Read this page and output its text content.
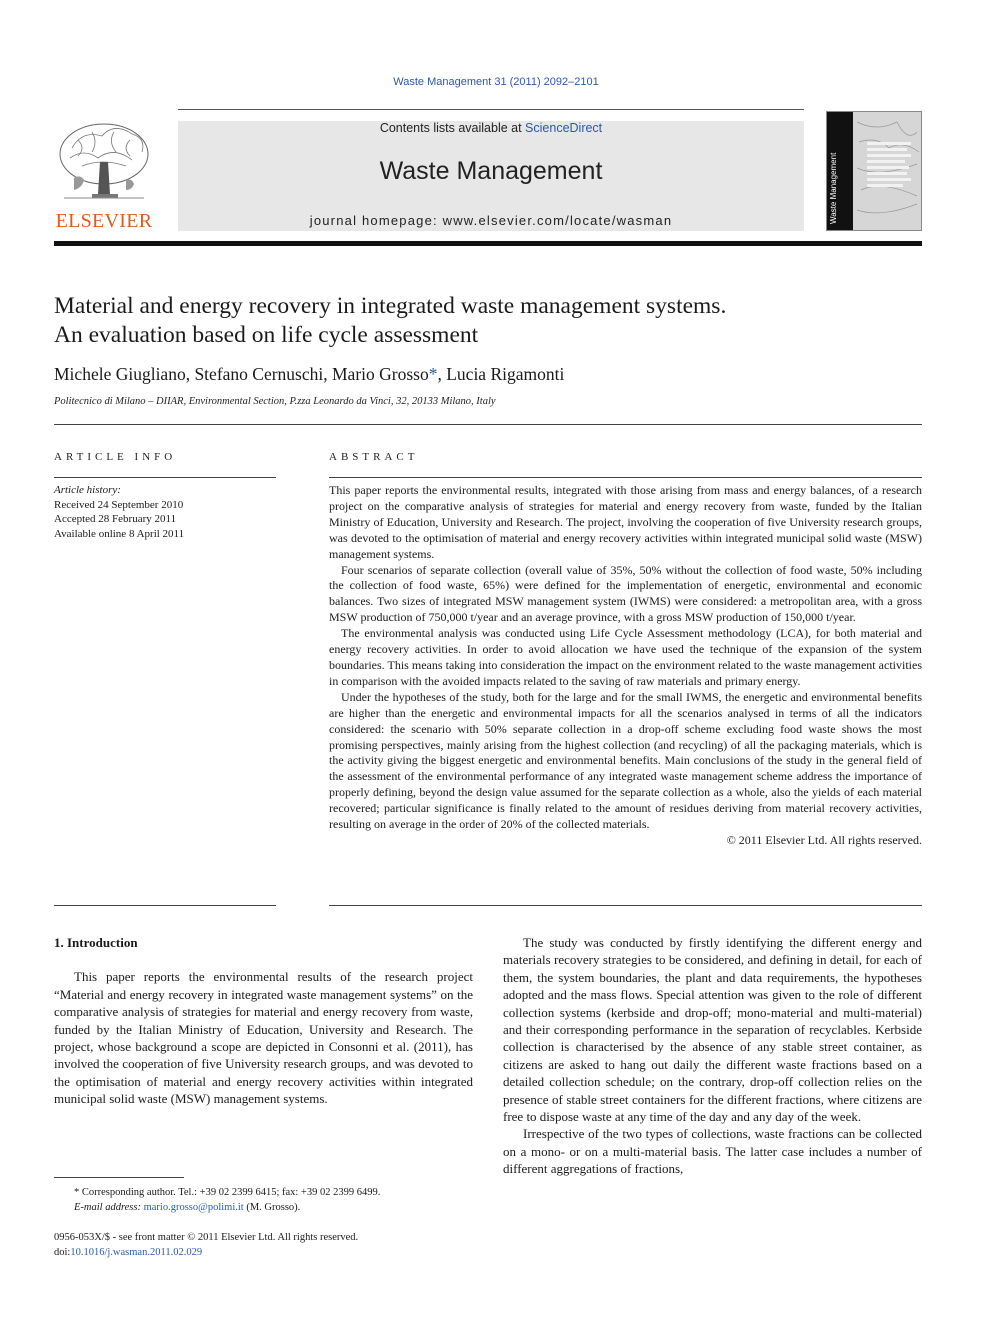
Waste Management 31 (2011) 2092–2101
ELSEVIER
Contents lists available at ScienceDirect
Waste Management
journal homepage: www.elsevier.com/locate/wasman	Waste Management
Material and energy recovery in integrated waste management systems.
An evaluation based on life cycle assessment
Michele Giugliano, Stefano Cernuschi, Mario Grosso*, Lucia Rigamonti
Politecnico di Milano – DIIAR, Environmental Section, P.zza Leonardo da Vinci, 32, 20133 Milano, Italy
ARTICLE INFO	ABSTRACT
Article history:
Received 24 September 2010
Accepted 28 February 2011
Available online 8 April 2011

This paper reports the environmental results, integrated with those arising from mass and energy balances, of a research project on the comparative analysis of strategies for material and energy recovery from waste, funded by the Italian Ministry of Education, University and Research. The project, involving the cooperation of five University research groups, was devoted to the optimisation of material and energy recovery activities within integrated municipal solid waste (MSW) management systems.

Four scenarios of separate collection (overall value of 35%, 50% without the collection of food waste, 50% including the collection of food waste, 65%) were defined for the implementation of energetic, environmental and economic balances. Two sizes of integrated MSW management system (IWMS) were considered: a metropolitan area, with a gross MSW production of 750,000 t/year and an average province, with a gross MSW production of 150,000 t/year.

The environmental analysis was conducted using Life Cycle Assessment methodology (LCA), for both material and energy recovery activities. In order to avoid allocation we have used the technique of the expansion of the system boundaries. This means taking into consideration the impact on the environment related to the waste management activities in comparison with the avoided impacts related to the saving of raw materials and primary energy.

Under the hypotheses of the study, both for the large and for the small IWMS, the energetic and environmental benefits are higher than the energetic and environmental impacts for all the scenarios analysed in terms of all the indicators considered: the scenario with 50% separate collection in a drop-off scheme excluding food waste shows the most promising perspectives, mainly arising from the highest collection (and recycling) of all the packaging materials, which is the activity giving the biggest energetic and environmental benefits. Main conclusions of the study in the general field of the assessment of the environmental performance of any integrated waste management scheme address the importance of properly defining, beyond the design value assumed for the separate collection as a whole, also the yields of each material recovered; particular significance is finally related to the amount of residues deriving from material recovery activities, resulting on average in the order of 20% of the collected materials.

© 2011 Elsevier Ltd. All rights reserved.
1. Introduction

This paper reports the environmental results of the research project “Material and energy recovery in integrated waste management systems” on the comparative analysis of strategies for material and energy recovery from waste, funded by the Italian Ministry of Education, University and Research. The project, whose background a scope are depicted in Consonni et al. (2011), has involved the cooperation of five University research groups, and was devoted to the optimisation of material and energy recovery activities within integrated municipal solid waste (MSW) management systems.

The study was conducted by firstly identifying the different energy and materials recovery strategies to be considered, and defining in detail, for each of them, the system boundaries, the plant and data requirements, the hypotheses adopted and the mass flows. Special attention was given to the role of different collection systems (kerbside and drop-off; mono-material and multi-material) and their corresponding performance in the separation of recyclables. Kerbside collection is characterised by the absence of any stable street container, as citizens are asked to hang out daily the different waste fractions based on a detailed collection schedule; on the contrary, drop-off collection relies on the presence of stable street containers for the different fractions, where citizens are free to dispose waste at any time of the day and any day of the week.

Irrespective of the two types of collections, waste fractions can be collected on a mono- or on a multi-material basis. The latter case includes a number of different aggregations of fractions,

* Corresponding author. Tel.: +39 02 2399 6415; fax: +39 02 2399 6499.
E-mail address: mario.grosso@polimi.it (M. Grosso).
0956-053X/$ - see front matter © 2011 Elsevier Ltd. All rights reserved.
doi:10.1016/j.wasman.2011.02.029
